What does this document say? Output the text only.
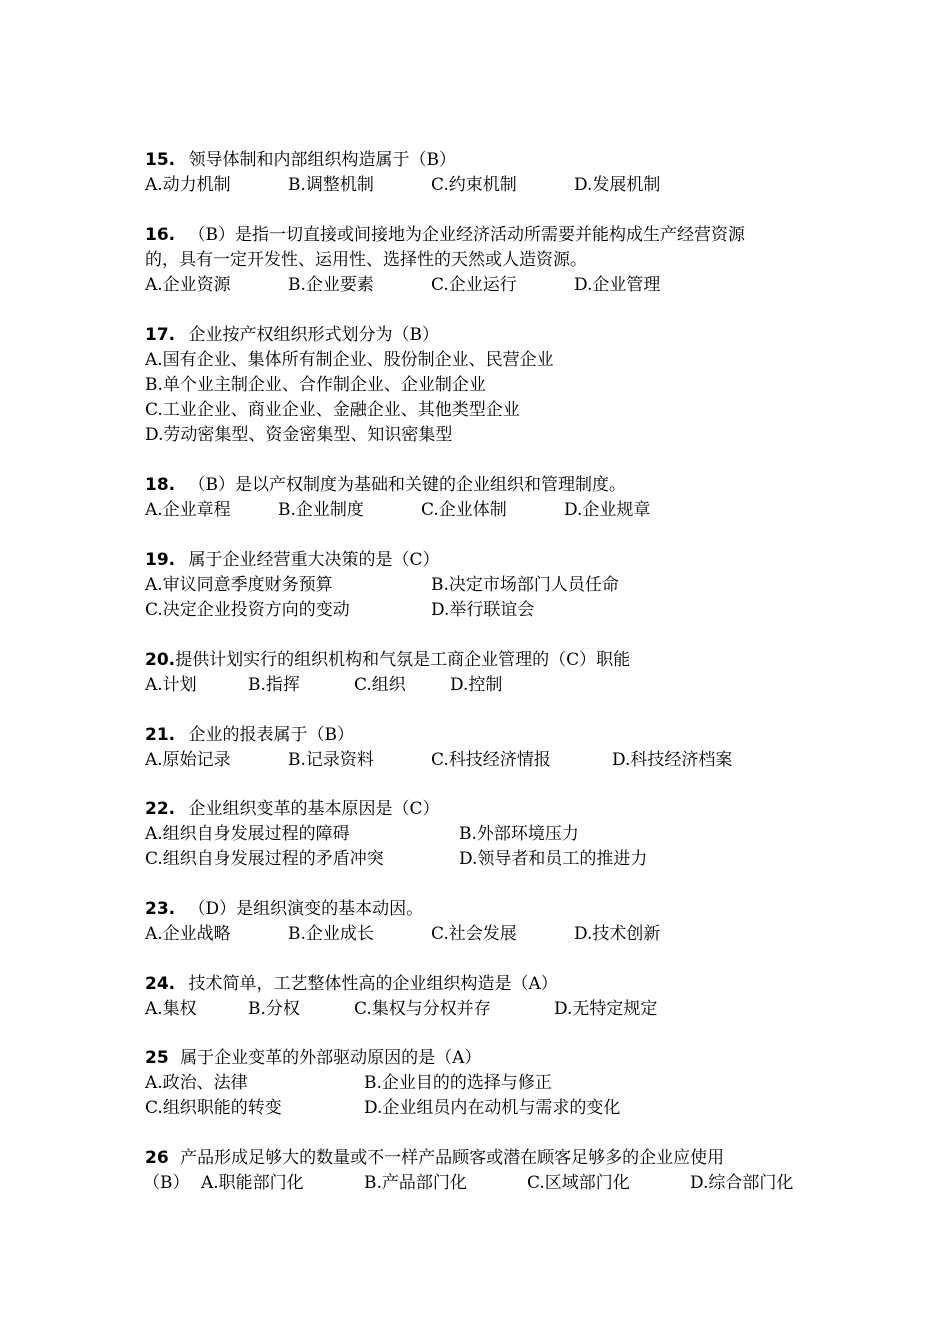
15. 领导体制和内部组织构造属于（B）
A.动力机制	B.调整机制	C.约束机制	D.发展机制
16. （B）是指一切直接或间接地为企业经济活动所需要并能构成生产经营资源
的，具有一定开发性、运用性、选择性的天然或人造资源。
A.企业资源	B.企业要素	C.企业运行	D.企业管理
17. 企业按产权组织形式划分为（B）
A.国有企业、集体所有制企业、股份制企业、民营企业
B.单个业主制企业、合作制企业、企业制企业
C.工业企业、商业企业、金融企业、其他类型企业
D.劳动密集型、资金密集型、知识密集型
18. （B）是以产权制度为基础和关键的企业组织和管理制度。
A.企业章程	B.企业制度	C.企业体制	D.企业规章
19. 属于企业经营重大决策的是（C）
A.审议同意季度财务预算	B.决定市场部门人员任命
C.决定企业投资方向的变动	D.举行联谊会
20.提供计划实行的组织机构和气氛是工商企业管理的（C）职能
A.计划	B.指挥	C.组织	D.控制
21. 企业的报表属于（B）
A.原始记录	B.记录资料	C.科技经济情报	D.科技经济档案
22. 企业组织变革的基本原因是（C）
A.组织自身发展过程的障碍	B.外部环境压力
C.组织自身发展过程的矛盾冲突	D.领导者和员工的推进力
23. （D）是组织演变的基本动因。
A.企业战略	B.企业成长	C.社会发展	D.技术创新
24. 技术简单，工艺整体性高的企业组织构造是（A）
A.集权	B.分权	C.集权与分权并存	D.无特定规定
25 属于企业变革的外部驱动原因的是（A）
A.政治、法律	B.企业目的的选择与修正
C.组织职能的转变	D.企业组员内在动机与需求的变化
26 产品形成足够大的数量或不一样产品顾客或潜在顾客足够多的企业应使用
（B） A.职能部门化	B.产品部门化	C.区域部门化	D.综合部门化
